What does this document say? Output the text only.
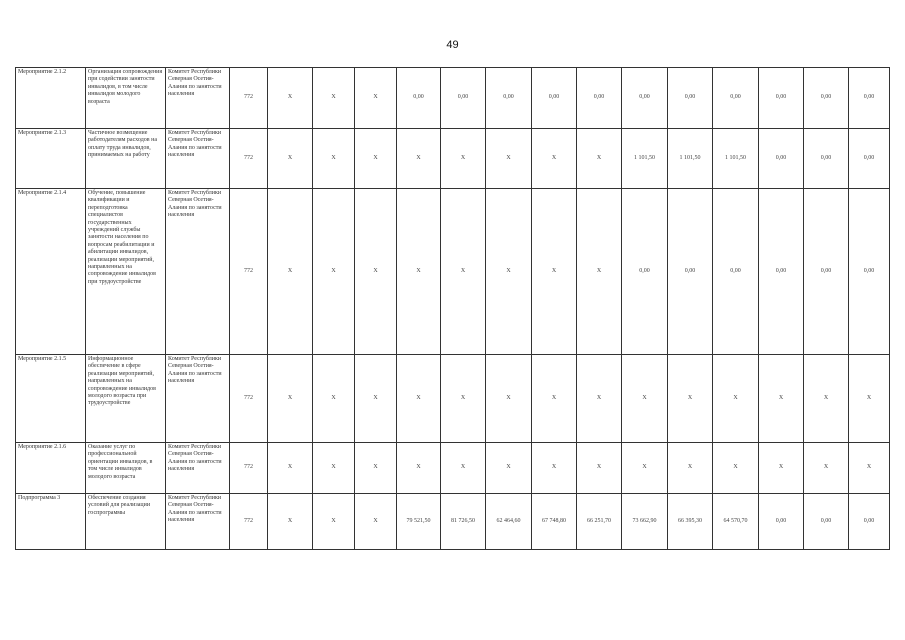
49
Мероприятие 2.1.2	Организация сопровождения при содействии занятости инвалидов, в том числе инвалидов молодого возраста	Комитет Республики Северная Осетия-Алания по занятости населения	772	Х	Х	Х	0,00	0,00	0,00	0,00	0,00	0,00	0,00	0,00	0,00	0,00	0,00
Мероприятие 2.1.3	Частичное возмещение работодателям расходов на оплату труда инвалидов, принимаемых на работу	Комитет Республики Северная Осетия-Алания по занятости населения	772	Х	Х	Х	Х	Х	Х	Х	Х	1 101,50	1 101,50	1 101,50	0,00	0,00	0,00
Мероприятие 2.1.4	Обучение, повышение квалификации и переподготовка специалистов государственных учреждений службы занятости населения по вопросам реабилитации и абилитации инвалидов, реализации мероприятий, направленных на сопровождение инвалидов при трудоустройстве	Комитет Республики Северная Осетия-Алания по занятости населения	772	Х	Х	Х	Х	Х	Х	Х	Х	0,00	0,00	0,00	0,00	0,00	0,00
Мероприятие 2.1.5	Информационное обеспечение в сфере реализации мероприятий, направленных на сопровождение инвалидов молодого возраста при трудоустройстве	Комитет Республики Северная Осетия-Алания по занятости населения	772	Х	Х	Х	Х	Х	Х	Х	Х	Х	Х	Х	Х	Х	Х
Мероприятие 2.1.6	Оказание услуг по профессиональной ориентации инвалидов, в том числе инвалидов молодого возраста	Комитет Республики Северная Осетия-Алания по занятости населения	772	Х	Х	Х	Х	Х	Х	Х	Х	Х	Х	Х	Х	Х	Х
Подпрограмма 3	Обеспечение создания условий для реализации госпрограммы	Комитет Республики Северная Осетия-Алания по занятости населения	772	Х	Х	Х	79 521,50	81 726,50	62 464,60	67 748,80	66 251,70	73 662,90	66 395,30	64 570,70	0,00	0,00	0,00
